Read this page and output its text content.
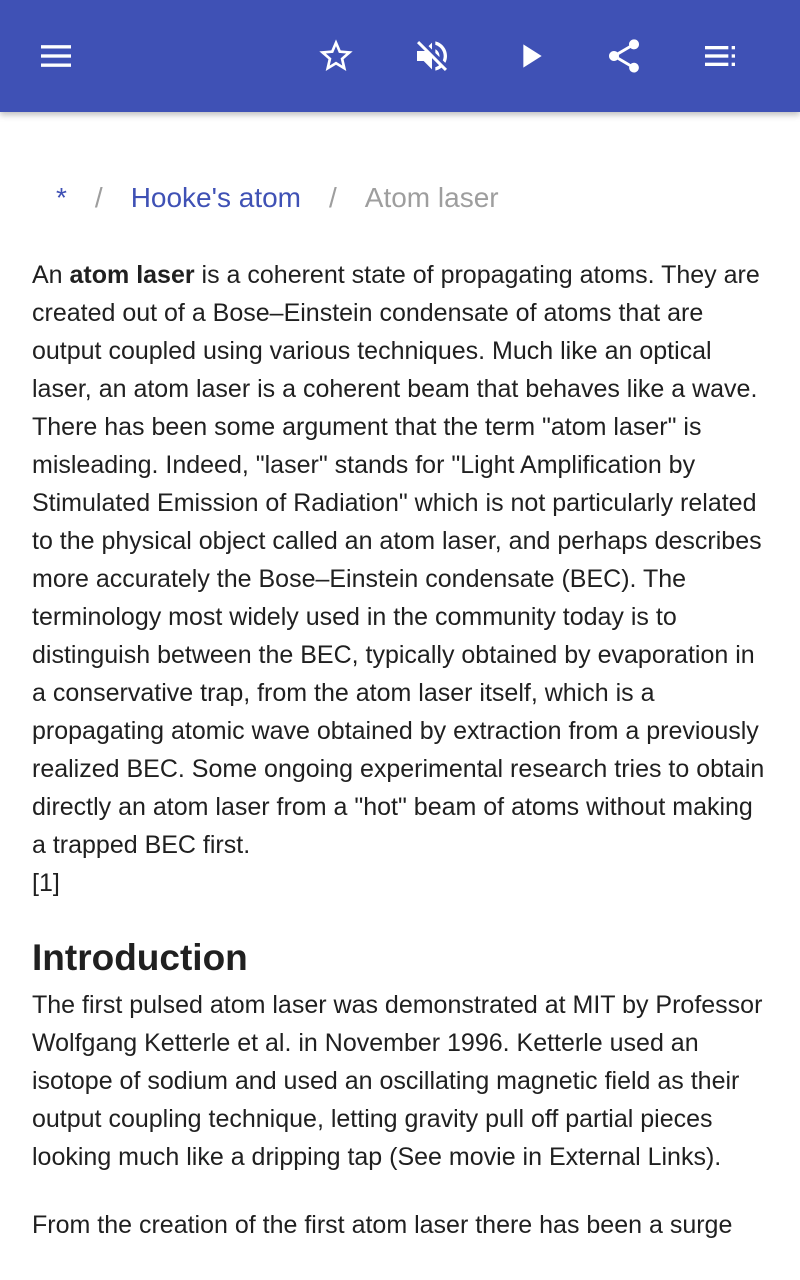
* / Hooke's atom / Atom laser

An atom laser is a coherent state of propagating atoms. They are created out of a Bose–Einstein condensate of atoms that are output coupled using various techniques. Much like an optical laser, an atom laser is a coherent beam that behaves like a wave. There has been some argument that the term "atom laser" is misleading. Indeed, "laser" stands for "Light Amplification by Stimulated Emission of Radiation" which is not particularly related to the physical object called an atom laser, and perhaps describes more accurately the Bose–Einstein condensate (BEC). The terminology most widely used in the community today is to distinguish between the BEC, typically obtained by evaporation in a conservative trap, from the atom laser itself, which is a propagating atomic wave obtained by extraction from a previously realized BEC. Some ongoing experimental research tries to obtain directly an atom laser from a "hot" beam of atoms without making a trapped BEC first.
[1]

Introduction

The first pulsed atom laser was demonstrated at MIT by Professor Wolfgang Ketterle et al. in November 1996. Ketterle used an isotope of sodium and used an oscillating magnetic field as their output coupling technique, letting gravity pull off partial pieces looking much like a dripping tap (See movie in External Links).

From the creation of the first atom laser there has been a surge
